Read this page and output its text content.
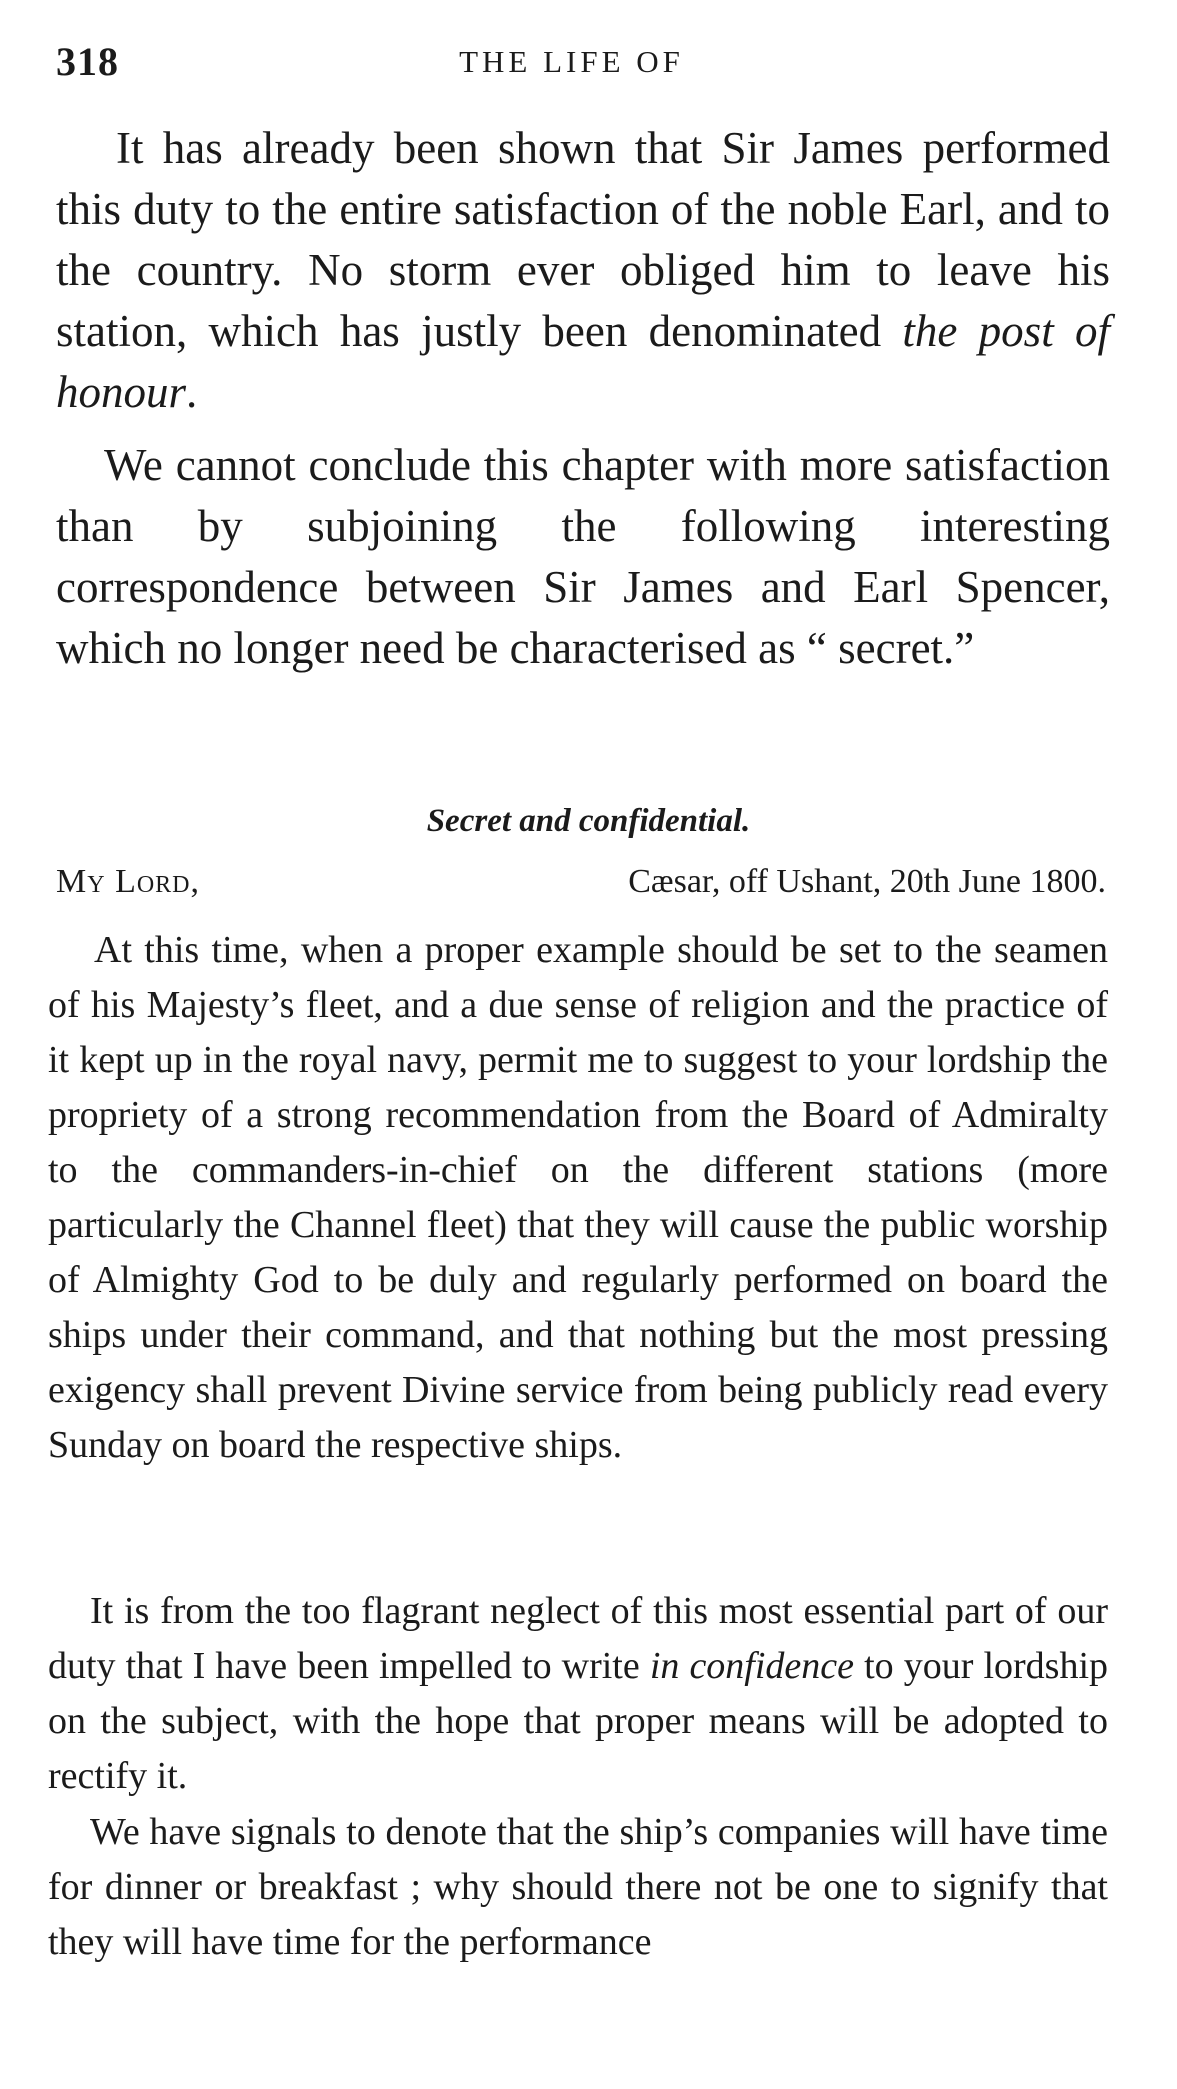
318	THE LIFE OF

It has already been shown that Sir James performed this duty to the entire satisfaction of the noble Earl, and to the country. No storm ever obliged him to leave his station, which has justly been denominated the post of honour.

We cannot conclude this chapter with more satisfaction than by subjoining the following interesting correspondence between Sir James and Earl Spencer, which no longer need be characterised as “ secret.”

Secret and confidential.
My Lord,	Cæsar, off Ushant, 20th June 1800.

At this time, when a proper example should be set to the seamen of his Majesty’s fleet, and a due sense of religion and the practice of it kept up in the royal navy, permit me to suggest to your lordship the propriety of a strong recommendation from the Board of Admiralty to the commanders-in-chief on the different stations (more particularly the Channel fleet) that they will cause the public worship of Almighty God to be duly and regularly performed on board the ships under their command, and that nothing but the most pressing exigency shall prevent Divine service from being publicly read every Sunday on board the respective ships.

It is from the too flagrant neglect of this most essential part of our duty that I have been impelled to write in confidence to your lordship on the subject, with the hope that proper means will be adopted to rectify it.

We have signals to denote that the ship’s companies will have time for dinner or breakfast ; why should there not be one to signify that they will have time for the performance
